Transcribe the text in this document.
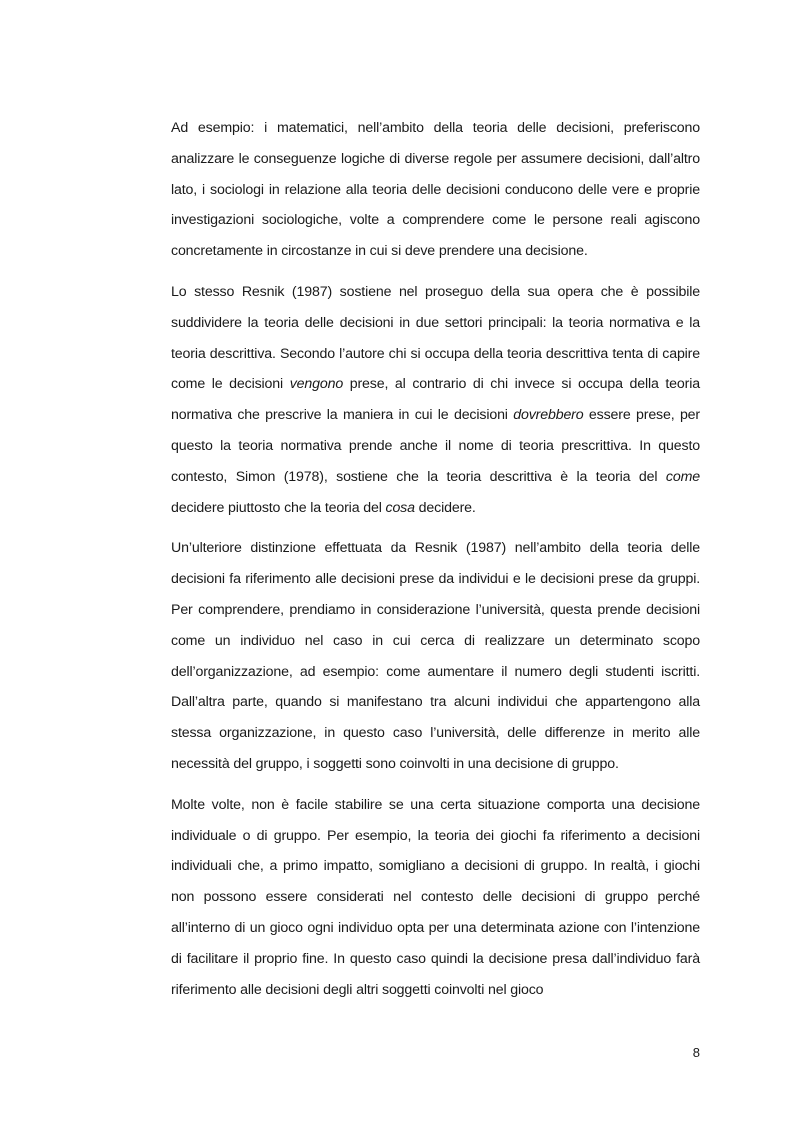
Ad esempio: i matematici, nell’ambito della teoria delle decisioni, preferiscono analizzare le conseguenze logiche di diverse regole per assumere decisioni, dall’altro lato, i sociologi in relazione alla teoria delle decisioni conducono delle vere e proprie investigazioni sociologiche, volte a comprendere come le persone reali agiscono concretamente in circostanze in cui si deve prendere una decisione.

Lo stesso Resnik (1987) sostiene nel proseguo della sua opera che è possibile suddividere la teoria delle decisioni in due settori principali: la teoria normativa e la teoria descrittiva. Secondo l’autore chi si occupa della teoria descrittiva tenta di capire come le decisioni vengono prese, al contrario di chi invece si occupa della teoria normativa che prescrive la maniera in cui le decisioni dovrebbero essere prese, per questo la teoria normativa prende anche il nome di teoria prescrittiva. In questo contesto, Simon (1978), sostiene che la teoria descrittiva è la teoria del come decidere piuttosto che la teoria del cosa decidere.

Un’ulteriore distinzione effettuata da Resnik (1987) nell’ambito della teoria delle decisioni fa riferimento alle decisioni prese da individui e le decisioni prese da gruppi. Per comprendere, prendiamo in considerazione l’università, questa prende decisioni come un individuo nel caso in cui cerca di realizzare un determinato scopo dell’organizzazione, ad esempio: come aumentare il numero degli studenti iscritti. Dall’altra parte, quando si manifestano tra alcuni individui che appartengono alla stessa organizzazione, in questo caso l’università, delle differenze in merito alle necessità del gruppo, i soggetti sono coinvolti in una decisione di gruppo.

Molte volte, non è facile stabilire se una certa situazione comporta una decisione individuale o di gruppo. Per esempio, la teoria dei giochi fa riferimento a decisioni individuali che, a primo impatto, somigliano a decisioni di gruppo. In realtà, i giochi non possono essere considerati nel contesto delle decisioni di gruppo perché all’interno di un gioco ogni individuo opta per una determinata azione con l’intenzione di facilitare il proprio fine. In questo caso quindi la decisione presa dall’individuo farà riferimento alle decisioni degli altri soggetti coinvolti nel gioco

8
